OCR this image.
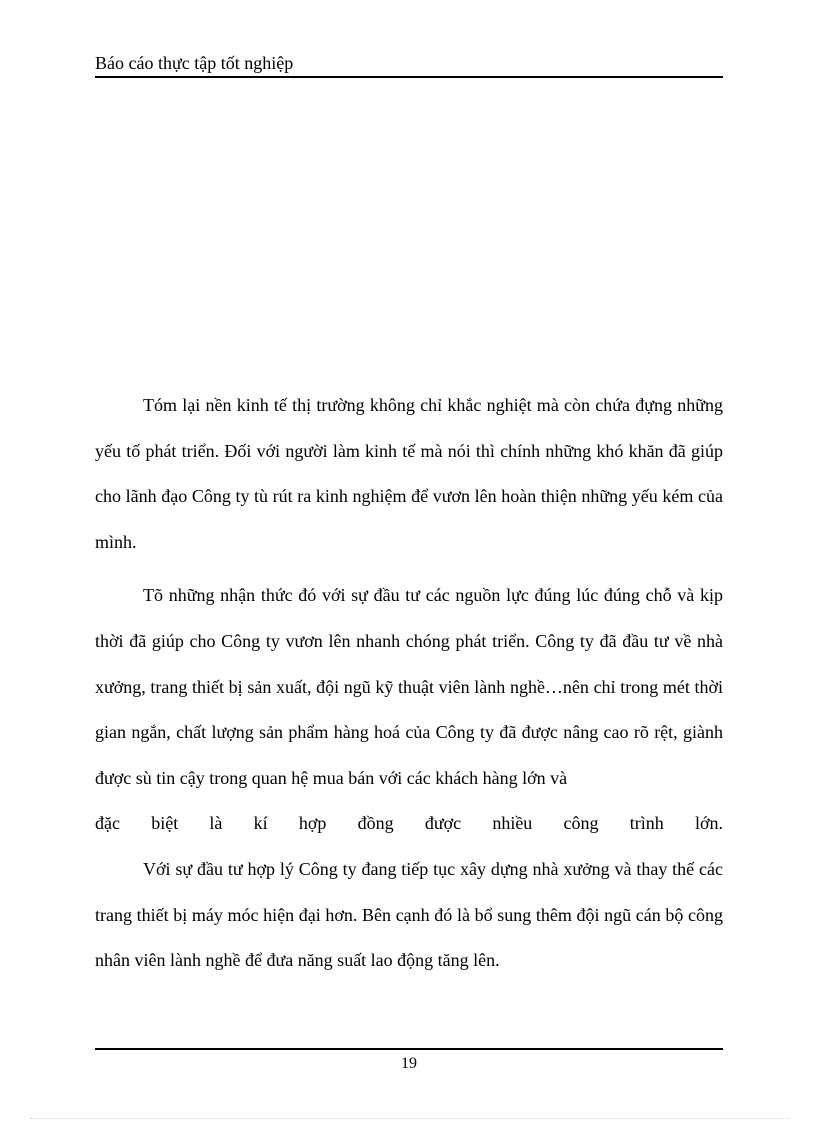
Báo cáo thực tập tốt nghiệp

Tóm lại nền kinh tế thị trường không chỉ khắc nghiệt mà còn chứa đựng những yếu tố phát triển. Đối với người làm kinh tế mà nói thì chính những khó khăn đã giúp cho lãnh đạo Công ty tù rút ra kinh nghiệm để vươn lên hoàn thiện những yếu kém của mình.

Tõ những nhận thức đó với sự đầu tư các nguồn lực đúng lúc đúng chỗ và kịp thời đã giúp cho Công ty vươn lên nhanh chóng phát triển. Công ty đã đầu tư về nhà xưởng, trang thiết bị sản xuất, đội ngũ kỹ thuật viên lành nghề…nên chỉ trong mét thời gian ngắn, chất lượng sản phẩm hàng hoá của Công ty đã được nâng cao rõ rệt, giành được sù tin cậy trong quan hệ mua bán với các khách hàng lớn và
đặc biệt là kí hợp đồng được nhiều công trình lớn.

Với sự đầu tư hợp lý Công ty đang tiếp tục xây dựng nhà xưởng và thay thế các trang thiết bị máy móc hiện đại hơn. Bên cạnh đó là bổ sung thêm đội ngũ cán bộ công nhân viên lành nghề để đưa năng suất lao động tăng lên.

19
